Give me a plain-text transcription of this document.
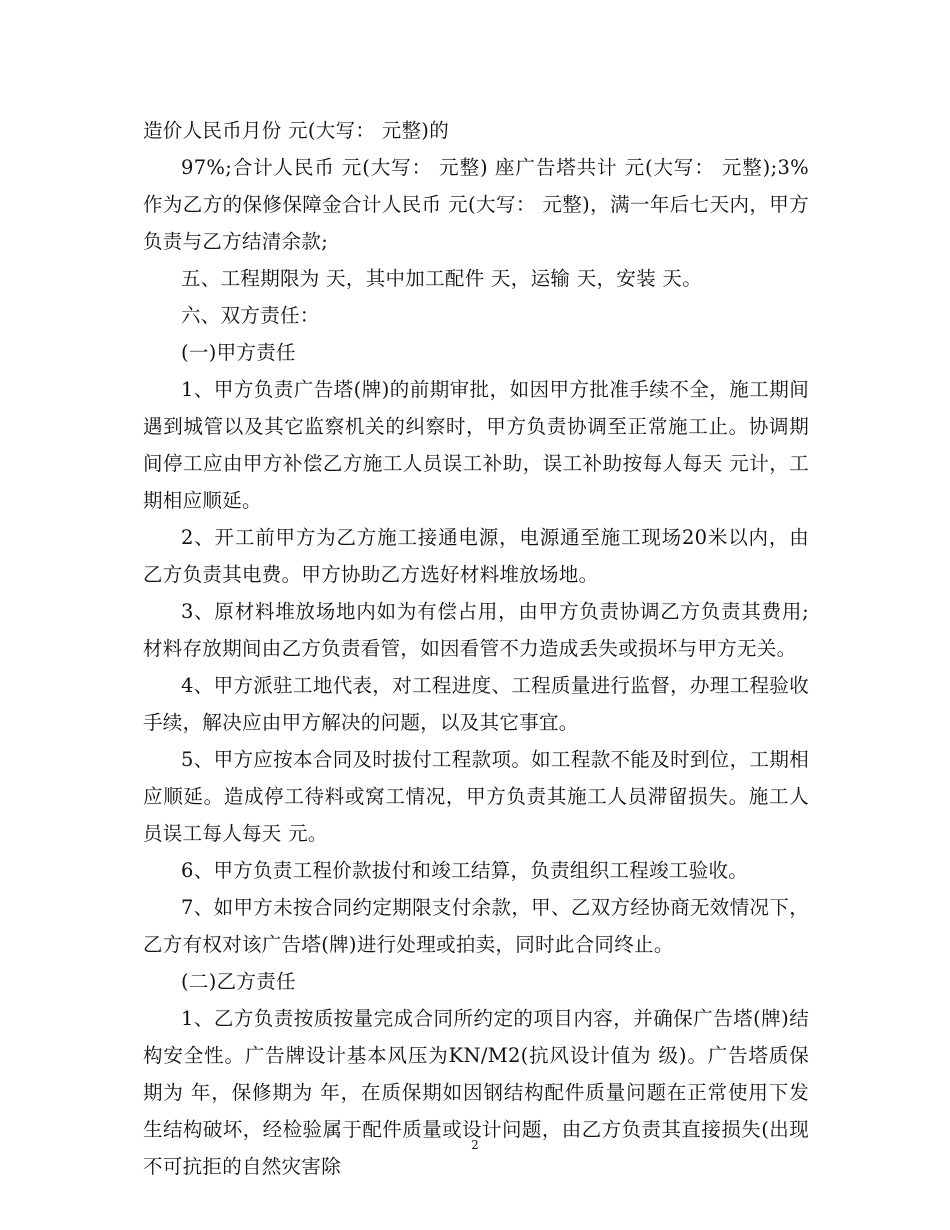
造价人民币月份 元(大写： 元整)的

97%;合计人民币 元(大写： 元整) 座广告塔共计 元(大写： 元整);3%作为乙方的保修保障金合计人民币 元(大写： 元整)，满一年后七天内，甲方负责与乙方结清余款;

五、工程期限为 天，其中加工配件 天，运输 天，安装 天。

六、双方责任：

(一)甲方责任

1、甲方负责广告塔(牌)的前期审批，如因甲方批准手续不全，施工期间遇到城管以及其它监察机关的纠察时，甲方负责协调至正常施工止。协调期间停工应由甲方补偿乙方施工人员误工补助，误工补助按每人每天 元计，工期相应顺延。

2、开工前甲方为乙方施工接通电源，电源通至施工现场20米以内，由乙方负责其电费。甲方协助乙方选好材料堆放场地。

3、原材料堆放场地内如为有偿占用，由甲方负责协调乙方负责其费用;材料存放期间由乙方负责看管，如因看管不力造成丢失或损坏与甲方无关。

4、甲方派驻工地代表，对工程进度、工程质量进行监督，办理工程验收手续，解决应由甲方解决的问题，以及其它事宜。

5、甲方应按本合同及时拔付工程款项。如工程款不能及时到位，工期相应顺延。造成停工待料或窝工情况，甲方负责其施工人员滞留损失。施工人员误工每人每天 元。

6、甲方负责工程价款拔付和竣工结算，负责组织工程竣工验收。

7、如甲方未按合同约定期限支付余款，甲、乙双方经协商无效情况下，乙方有权对该广告塔(牌)进行处理或拍卖，同时此合同终止。

(二)乙方责任

1、乙方负责按质按量完成合同所约定的项目内容，并确保广告塔(牌)结构安全性。广告牌设计基本风压为KN/M2(抗风设计值为 级)。广告塔质保期为 年，保修期为 年，在质保期如因钢结构配件质量问题在正常使用下发生结构破坏，经检验属于配件质量或设计问题，由乙方负责其直接损失(出现不可抗拒的自然灾害除

2
